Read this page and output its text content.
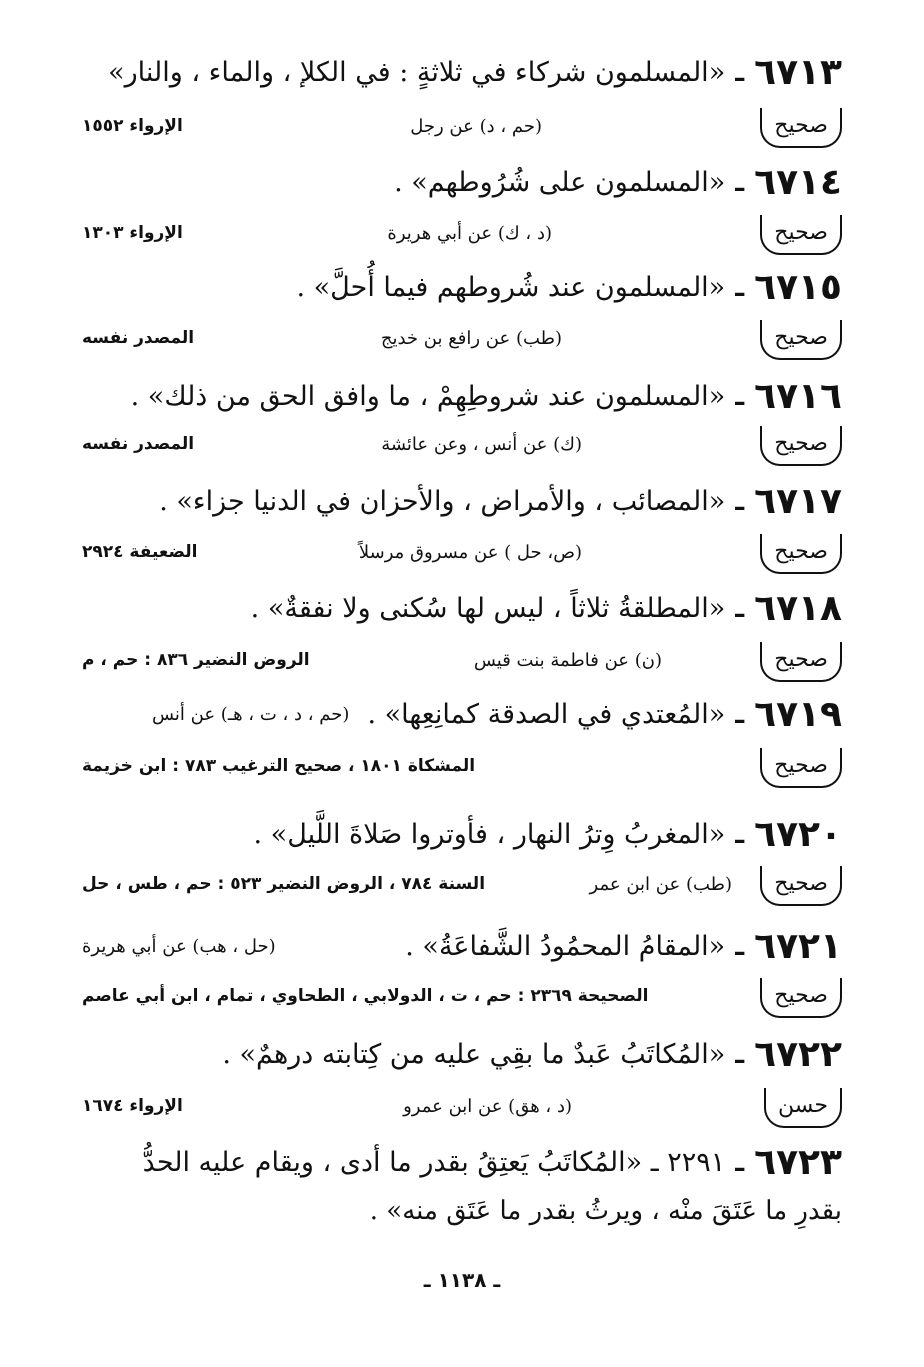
٦٧١٣
ـ
«المسلمون شركاء في ثلاثةٍ : في الكلإ ، والماء ، والنار»
صحيح
(حم ، د) عن رجل
الإرواء ١٥٥٢
٦٧١٤
ـ
«المسلمون على شُرُوطهم» .
صحيح
(د ، ك) عن أبي هريرة
الإرواء ١٣٠٣
٦٧١٥
ـ
«المسلمون عند شُروطهم فيما أُحلَّ» .
صحيح
(طب) عن رافع بن خديج
المصدر نفسه
٦٧١٦
ـ
«المسلمون عند شروطِهِمْ ، ما وافق الحق من ذلك» .
صحيح
(ك) عن أنس ، وعن عائشة
المصدر نفسه
٦٧١٧
ـ
«المصائب ، والأمراض ، والأحزان في الدنيا جزاء» .
صحيح
(ص، حل ) عن مسروق مرسلاً
الضعيفة ٢٩٢٤
٦٧١٨
ـ
«المطلقةُ ثلاثاً ، ليس لها سُكنى ولا نفقةٌ» .
صحيح
(ن) عن فاطمة بنت قيس
الروض النضير ٨٣٦ : حم ، م
٦٧١٩
ـ
«المُعتدي في الصدقة كمانِعِها» .
(حم ، د ، ت ، هـ) عن أنس
صحيح
المشكاة ١٨٠١ ، صحيح الترغيب ٧٨٣ : ابن خزيمة
٦٧٢٠
ـ
«المغربُ وِترُ النهار ، فأوتروا صَلاةَ اللَّيل» .
صحيح
(طب) عن ابن عمر
السنة ٧٨٤ ، الروض النضير ٥٢٣ : حم ، طس ، حل
٦٧٢١
ـ
«المقامُ المحمُودُ الشَّفاعَةُ» .
(حل ، هب) عن أبي هريرة
صحيح
الصحيحة ٢٣٦٩ : حم ، ت ، الدولابي ، الطحاوي ، تمام ، ابن أبي عاصم
٦٧٢٢
ـ
«المُكاتَبُ عَبدٌ ما بقِي عليه من كِتابته درهمٌ» .
حسن
(د ، هق) عن ابن عمرو
الإرواء ١٦٧٤
٦٧٢٣
ـ
٢٢٩١ ـ «المُكاتَبُ يَعتِقُ بقدر ما أدى ، ويقام عليه الحدُّ
بقدرِ ما عَتَقَ منْه ، ويرثُ بقدر ما عَتَق منه» .
ـ ١١٣٨ ـ
